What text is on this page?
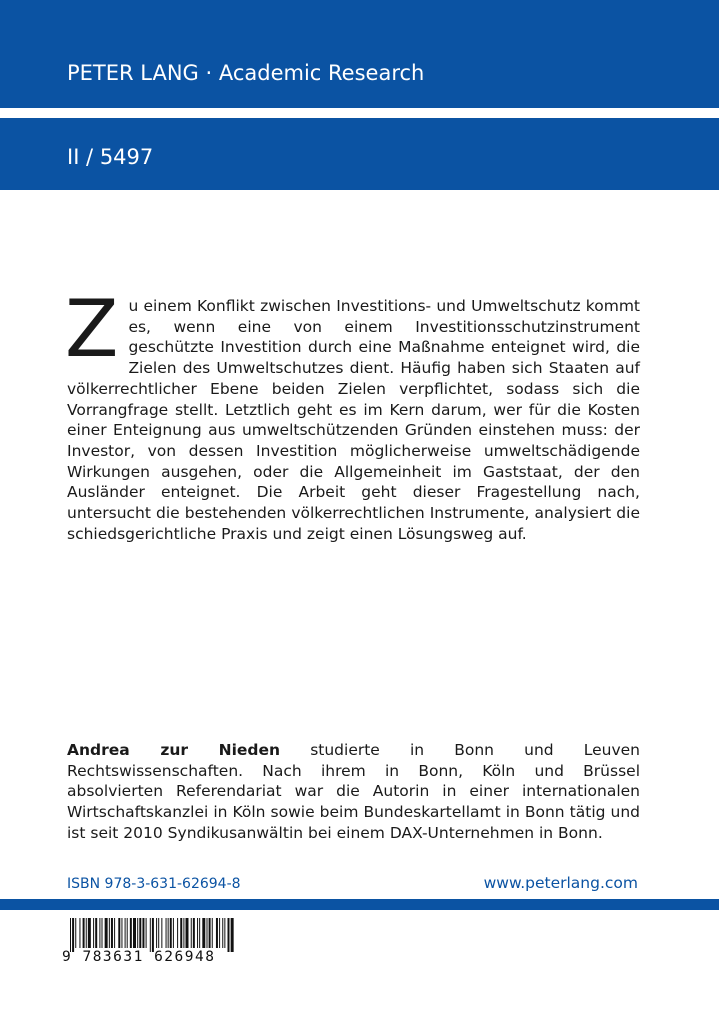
PETER LANG · Academic Research
II / 5497

Zu einem Konflikt zwischen Investitions- und Umweltschutz kommt es, wenn eine von einem Investitionsschutzinstrument geschützte Investition durch eine Maßnahme enteignet wird, die Zielen des Umweltschutzes dient. Häufig haben sich Staaten auf völkerrechtlicher Ebene beiden Zielen verpflichtet, sodass sich die Vorrangfrage stellt. Letztlich geht es im Kern darum, wer für die Kosten einer Enteignung aus umweltschützenden Gründen einstehen muss: der Investor, von dessen Investition möglicherweise umweltschädigende Wirkungen ausgehen, oder die Allgemeinheit im Gaststaat, der den Ausländer enteignet. Die Arbeit geht dieser Fragestellung nach, untersucht die bestehenden völkerrechtlichen Instrumente, analysiert die schiedsgerichtliche Praxis und zeigt einen Lösungsweg auf.

Andrea zur Nieden studierte in Bonn und Leuven Rechtswissenschaften. Nach ihrem in Bonn, Köln und Brüssel absolvierten Referendariat war die Autorin in einer internationalen Wirtschaftskanzlei in Köln sowie beim Bundeskartellamt in Bonn tätig und ist seit 2010 Syndikusanwältin bei einem DAX-Unternehmen in Bonn.

ISBN 978-3-631-62694-8	www.peterlang.com
9 783631 626948
